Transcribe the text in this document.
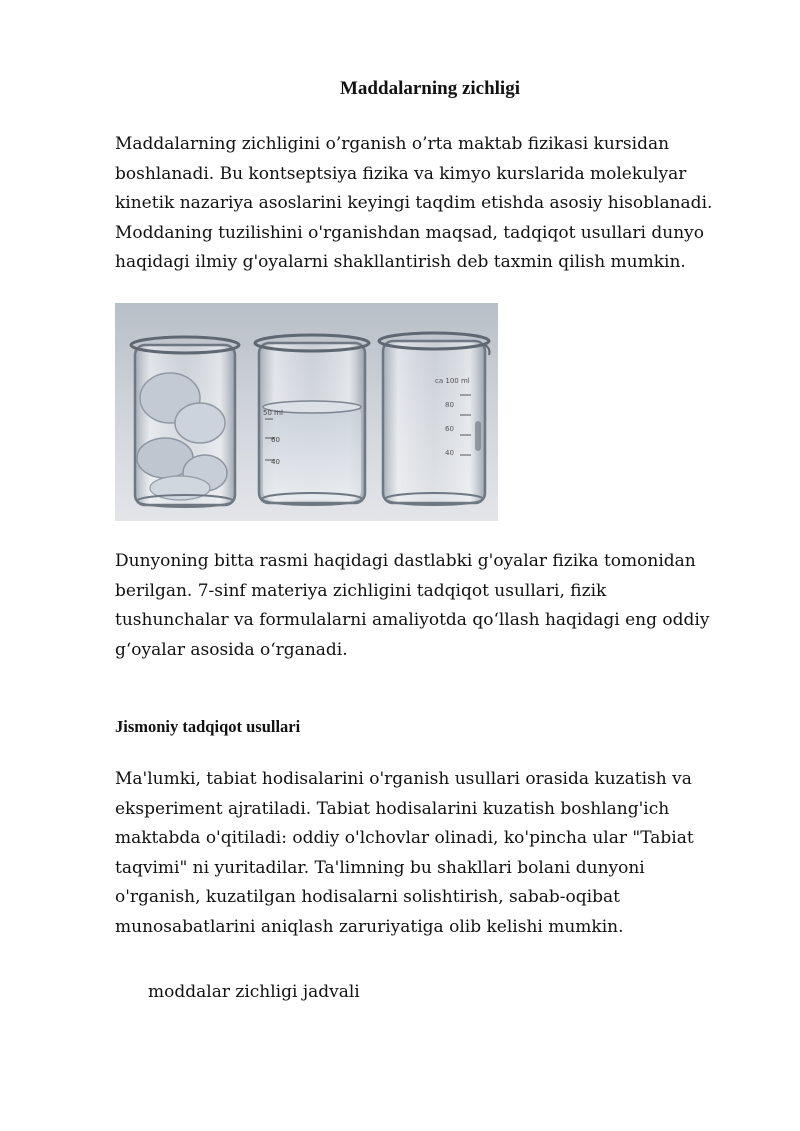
Maddalarning zichligi

Maddalarning zichligini o’rganish o’rta maktab fizikasi kursidan
boshlanadi. Bu kontseptsiya fizika va kimyo kurslarida molekulyar
kinetik nazariya asoslarini keyingi taqdim etishda asosiy hisoblanadi.
Moddaning tuzilishini o'rganishdan maqsad, tadqiqot usullari dunyo
haqidagi ilmiy g'oyalarni shakllantirish deb taxmin qilish mumkin.

50 ml
60
40
ca 100 ml
80
60
40

Dunyoning bitta rasmi haqidagi dastlabki g'oyalar fizika tomonidan
berilgan. 7-sinf materiya zichligini tadqiqot usullari, fizik
tushunchalar va formulalarni amaliyotda qo‘llash haqidagi eng oddiy
g‘oyalar asosida o‘rganadi.

Jismoniy tadqiqot usullari

Ma'lumki, tabiat hodisalarini o'rganish usullari orasida kuzatish va
eksperiment ajratiladi. Tabiat hodisalarini kuzatish boshlang'ich
maktabda o'qitiladi: oddiy o'lchovlar olinadi, ko'pincha ular "Tabiat
taqvimi" ni yuritadilar. Ta'limning bu shakllari bolani dunyoni
o'rganish, kuzatilgan hodisalarni solishtirish, sabab-oqibat
munosabatlarini aniqlash zaruriyatiga olib kelishi mumkin.

moddalar zichligi jadvali
